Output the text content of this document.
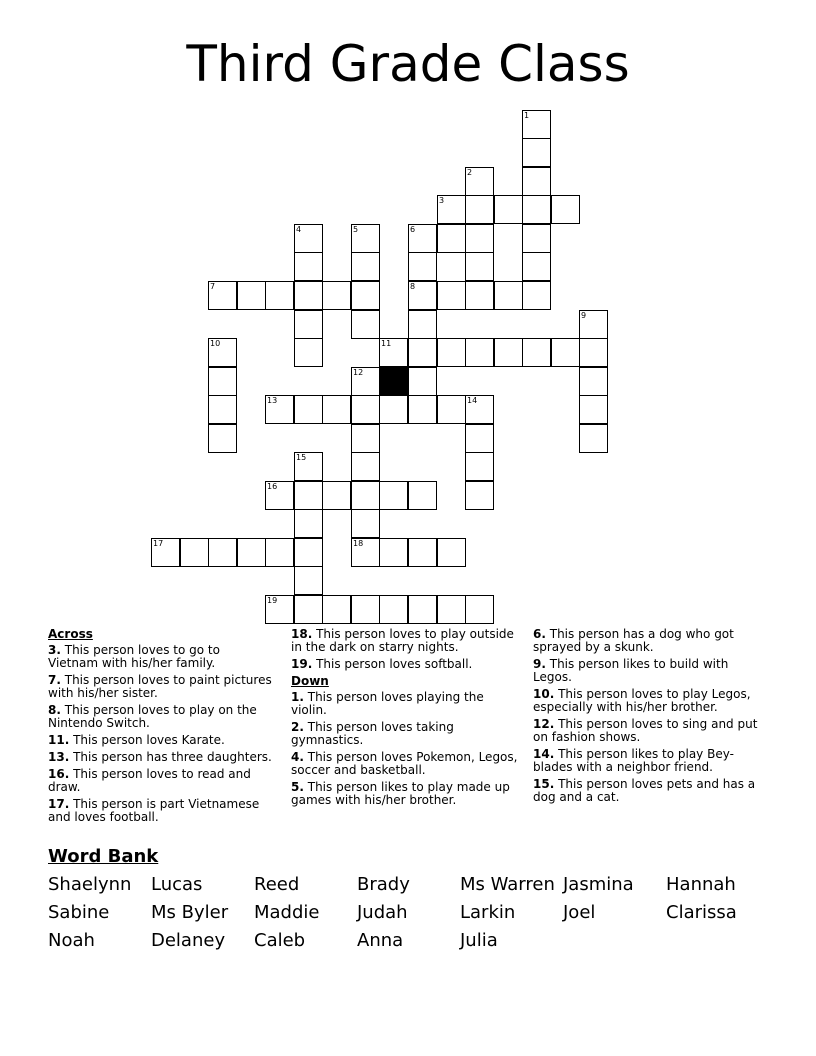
Third Grade Class
1
2
3
4	5	6
8
7
9
10	11
12
13	14
15
16
17	18
19
Across
3. This person loves to go to Vietnam with his/her family.
7. This person loves to paint pictures with his/her sister.
8. This person loves to play on the Nintendo Switch.
11. This person loves Karate.
13. This person has three daughters.
16. This person loves to read and draw.
17. This person is part Vietnamese and loves football.
18. This person loves to play outside in the dark on starry nights.
19. This person loves softball.
Down
1. This person loves playing the violin.
2. This person loves taking gymnastics.
4. This person loves Pokemon, Legos, soccer and basketball.
5. This person likes to play made up games with his/her brother.
6. This person has a dog who got sprayed by a skunk.
9. This person likes to build with Legos.
10. This person loves to play Legos, especially with his/her brother.
12. This person loves to sing and put on fashion shows.
14. This person likes to play Bey-blades with a neighbor friend.
15. This person loves pets and has a dog and a cat.
Word Bank
Shaelynn Lucas	Reed	Brady	Ms Warren Jasmina Hannah
Sabine Ms Byler Maddie Judah	Larkin	Joel	Clarissa
Noah	Delaney Caleb	Anna	Julia
